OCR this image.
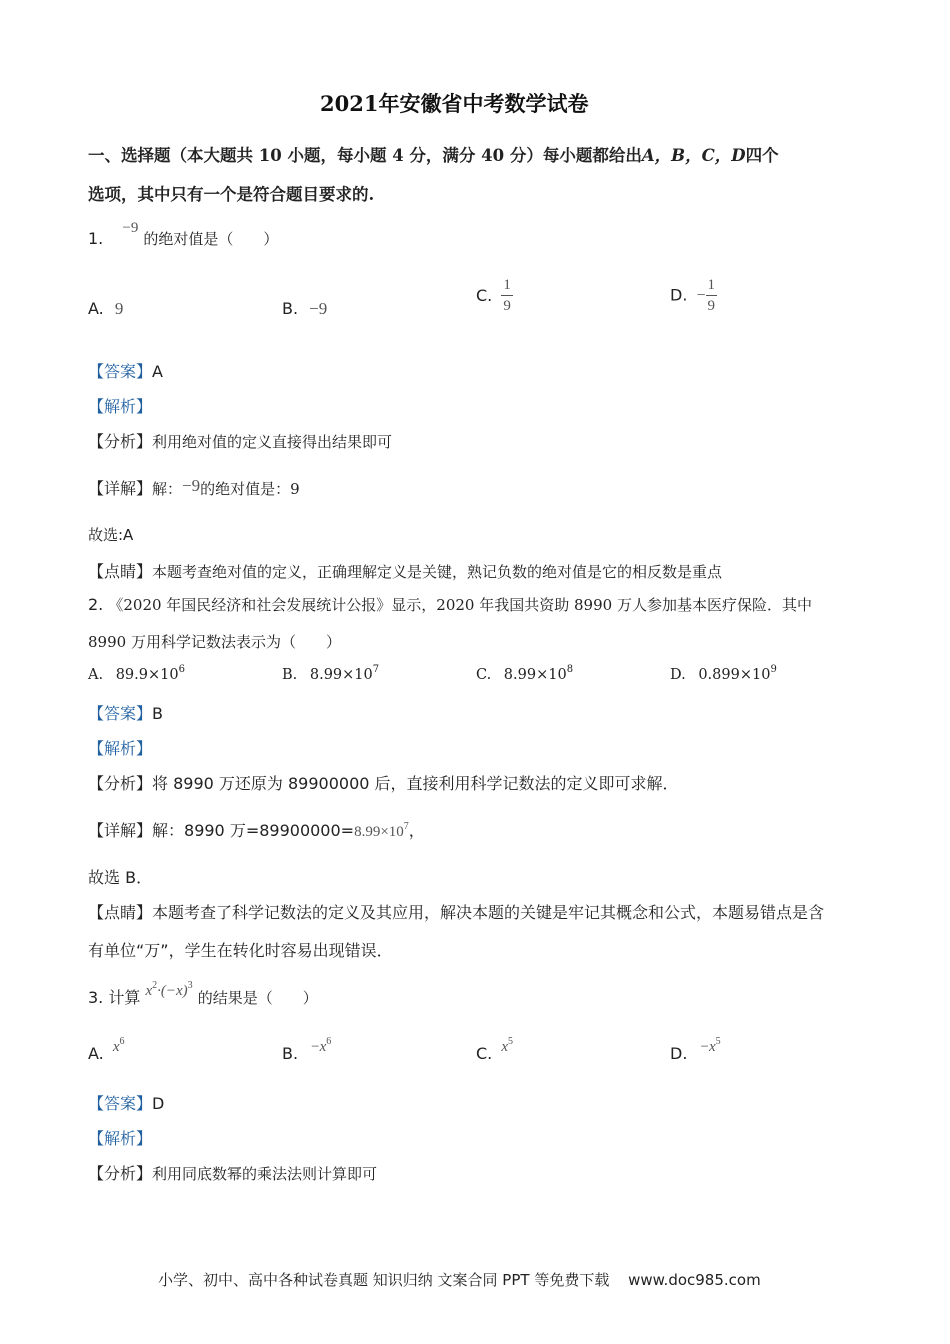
2021年安徽省中考数学试卷
一、选择题（本大题共 10 小题，每小题 4 分，满分 40 分）每小题都给出A，B，C，D四个
选项，其中只有一个是符合题目要求的.
1. −9 的绝对值是（　　）
A. 9	B. −9
C. $\frac{1}{9}$	D. − $\frac{1}{9}$
【答案】A
【解析】
【分析】利用绝对值的定义直接得出结果即可
【详解】解：−9的绝对值是：9
故选:A
【点睛】本题考查绝对值的定义，正确理解定义是关键，熟记负数的绝对值是它的相反数是重点
2. 《2020 年国民经济和社会发展统计公报》显示，2020 年我国共资助 8990 万人参加基本医疗保险．其中
8990 万用科学记数法表示为（　　）
A. $89.9\times 10^6$	B. $8.99\times 10^7$	C. $8.99\times 10^8$	D. $0.899\times 10^9$
【答案】B
【解析】
【分析】将 8990 万还原为 89900000 后，直接利用科学记数法的定义即可求解．
【详解】解：8990 万$=89900000=8.99\times 10^7$，
故选 B．
【点睛】本题考查了科学记数法的定义及其应用，解决本题的关键是牢记其概念和公式，本题易错点是含
有单位“万”，学生在转化时容易出现错误．
3. 计算 $x^2\cdot(-x)^3$ 的结果是（　　）
A. $x^6$
B. $-x^6$
C. $x^5$
D. $-x^5$
【答案】D
【解析】
【分析】利用同底数幂的乘法法则计算即可
小学、初中、高中各种试卷真题 知识归纳 文案合同 PPT 等免费下载 www.doc985.com
